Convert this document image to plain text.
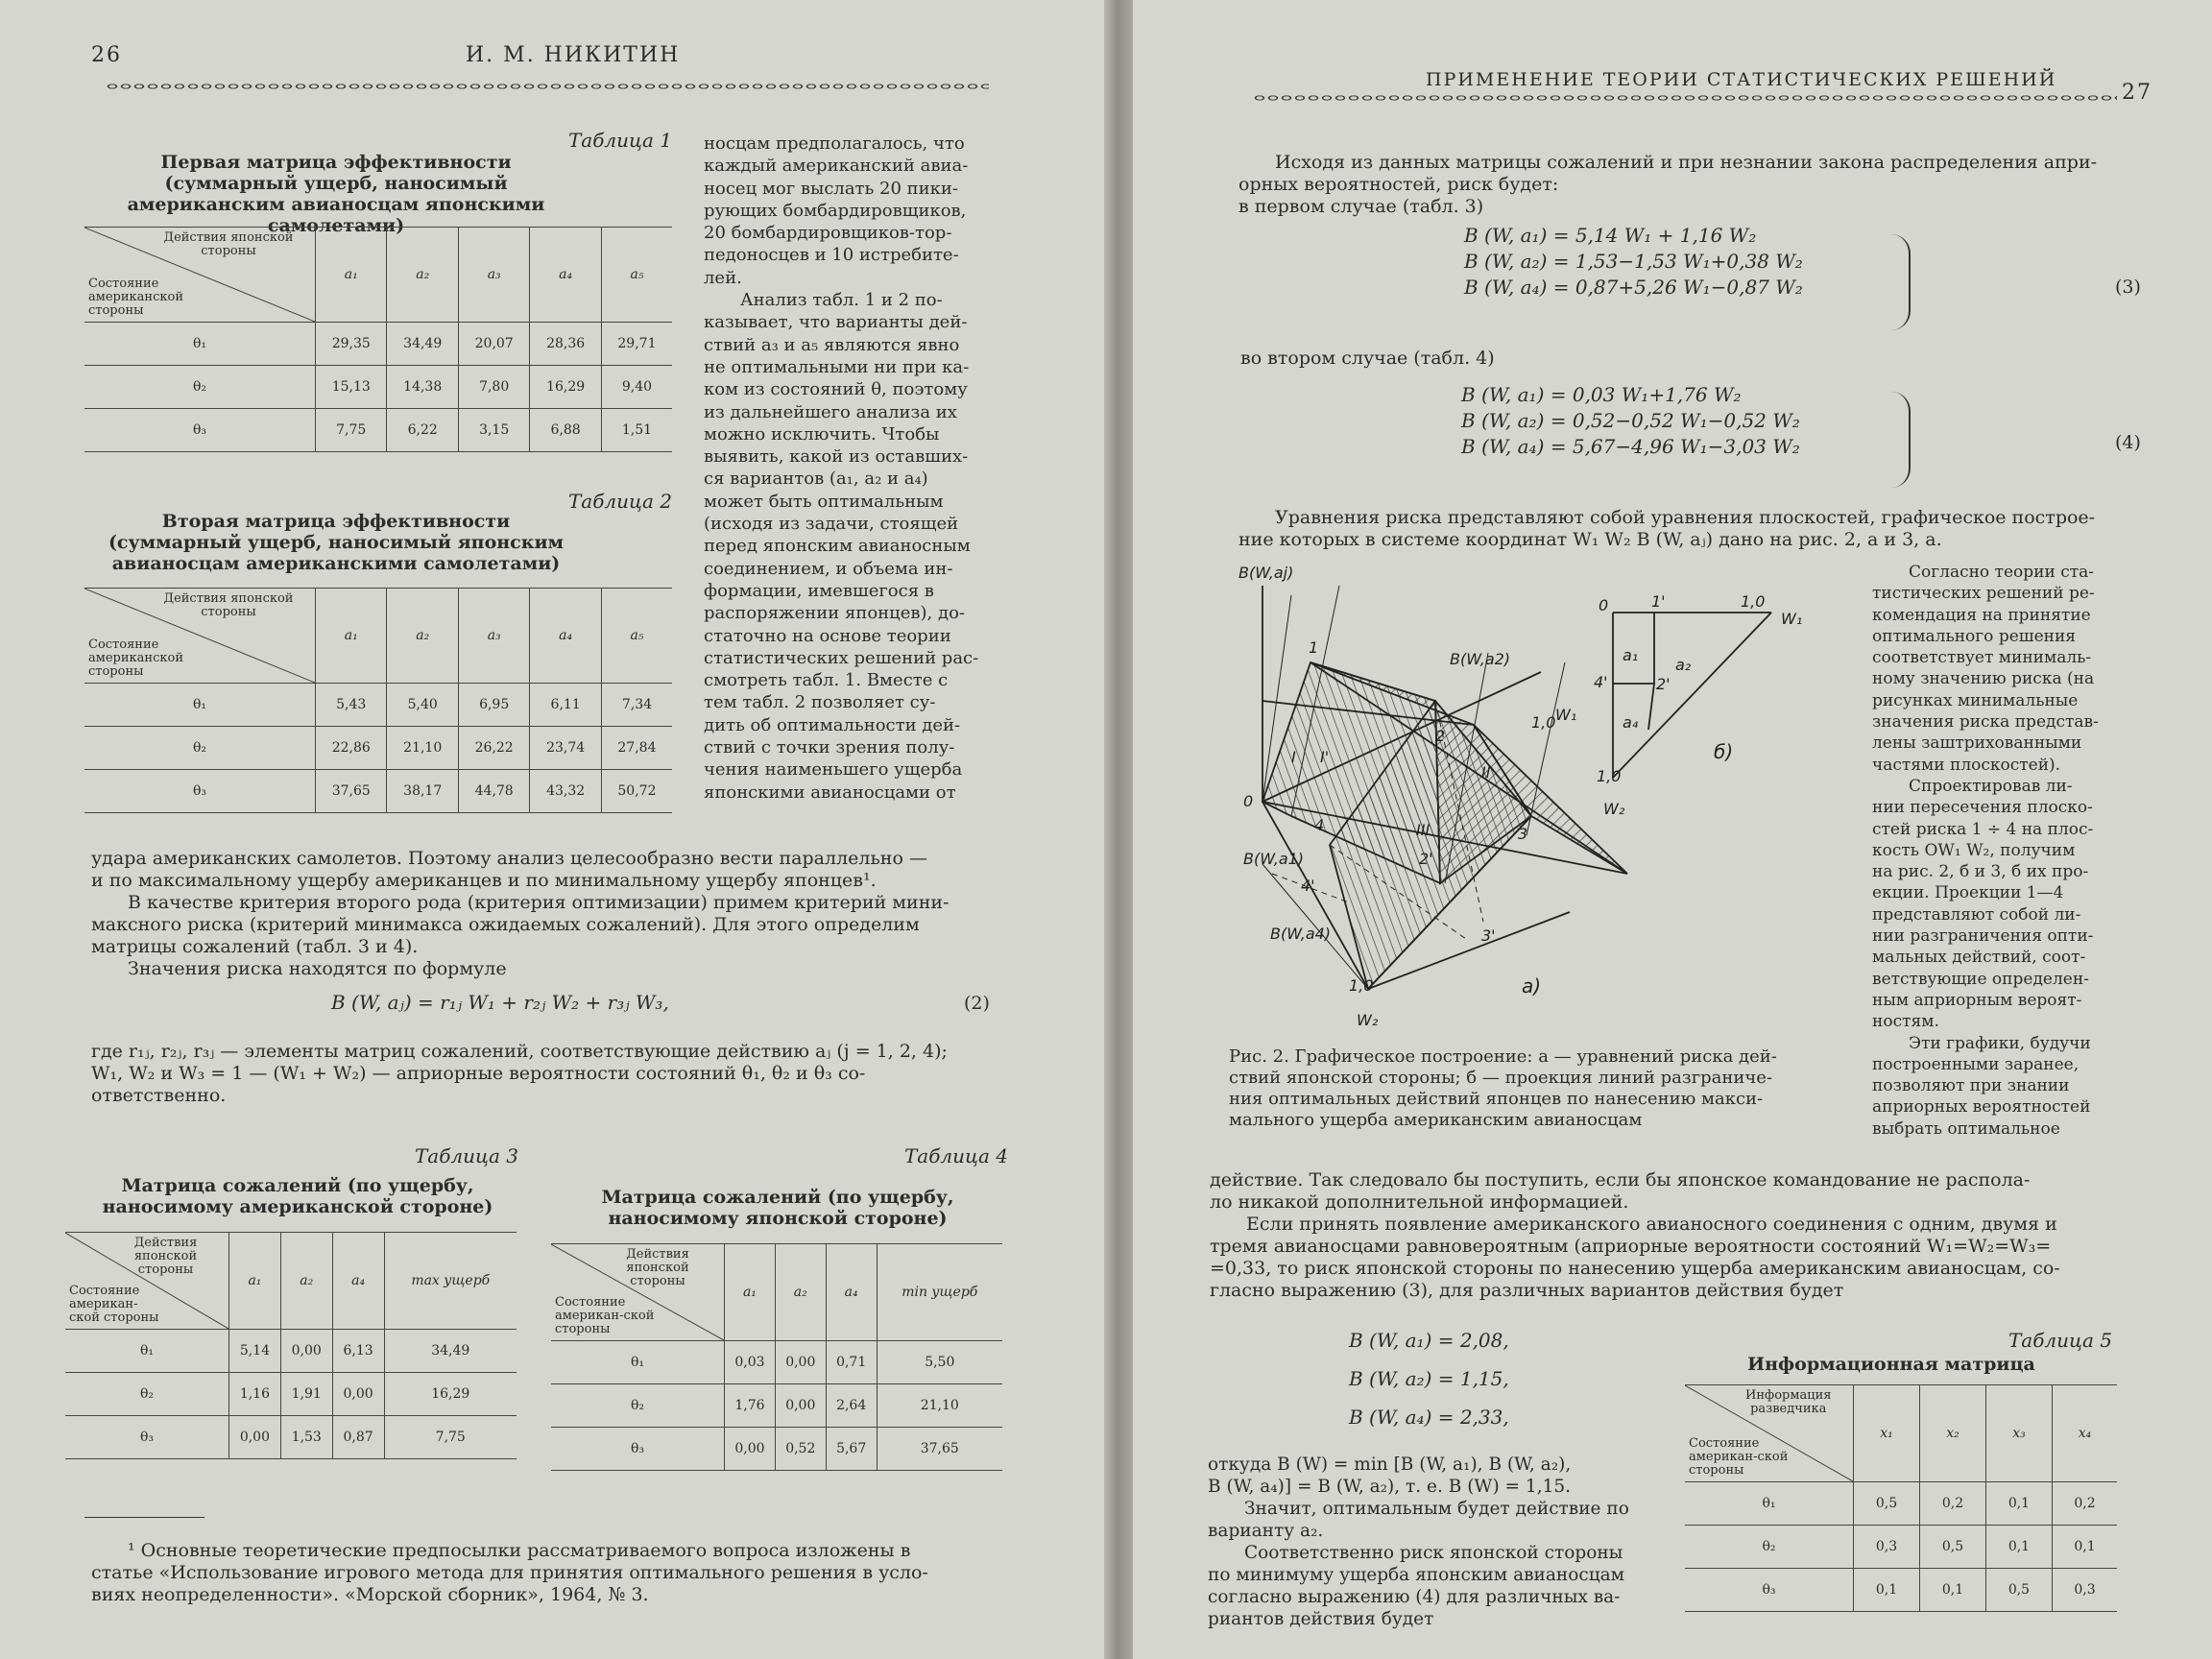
26	И. М. НИКИТИН
Таблица 1
Первая матрица эффективности (суммарный ущерб, наносимый американским авианосцам японскими самолетами)
Действия японской стороны
Состояние американской стороны	a₁	a₂	a₃	a₄	a₅
θ₁	29,35	34,49	20,07	28,36	29,71
θ₂	15,13	14,38	7,80	16,29	9,40
θ₃	7,75	6,22	3,15	6,88	1,51
Таблица 2
Вторая матрица эффективности (суммарный ущерб, наносимый японским авианосцам американскими самолетами)
Действия японской стороны
Состояние американской стороны	a₁	a₂	a₃	a₄	a₅
θ₁	5,43	5,40	6,95	6,11	7,34
θ₂	22,86	21,10	26,22	23,74	27,84
θ₃	37,65	38,17	44,78	43,32	50,72
носцам предполагалось, что
каждый американский авиа-
носец мог выслать 20 пики-
рующих бомбардировщиков,
20 бомбардировщиков-тор-
педоносцев и 10 истребите-
лей.
Анализ табл. 1 и 2 по-
казывает, что варианты дей-
ствий a₃ и a₅ являются явно
не оптимальными ни при ка-
ком из состояний θ, поэтому
из дальнейшего анализа их
можно исключить. Чтобы
выявить, какой из оставших-
ся вариантов (a₁, a₂ и a₄)
может быть оптимальным
(исходя из задачи, стоящей
перед японским авианосным
соединением, и объема ин-
формации, имевшегося в
распоряжении японцев), до-
статочно на основе теории
статистических решений рас-
смотреть табл. 1. Вместе с
тем табл. 2 позволяет су-
дить об оптимальности дей-
ствий с точки зрения полу-
чения наименьшего ущерба
японскими авианосцами от
удара американских самолетов. Поэтому анализ целесообразно вести параллельно —
и по максимальному ущербу американцев и по минимальному ущербу японцев¹.
В качестве критерия второго рода (критерия оптимизации) примем критерий мини-
максного риска (критерий минимакса ожидаемых сожалений). Для этого определим
матрицы сожалений (табл. 3 и 4).
Значения риска находятся по формуле
B (W, aⱼ) = r₁ⱼ W₁ + r₂ⱼ W₂ + r₃ⱼ W₃,	(2)
где r₁ⱼ, r₂ⱼ, r₃ⱼ — элементы матриц сожалений, соответствующие действию aⱼ (j = 1, 2, 4);
W₁, W₂ и W₃ = 1 — (W₁ + W₂) — априорные вероятности состояний θ₁, θ₂ и θ₃ со-
ответственно.
Таблица 3
Матрица сожалений (по ущербу, наносимому американской стороне)
Действия японской стороны
Состояние американ-ской стороны	a₁	a₂	a₄	max ущерб
θ₁	5,14	0,00	6,13	34,49
θ₂	1,16	1,91	0,00	16,29
θ₃	0,00	1,53	0,87	7,75
Таблица 4
Матрица сожалений (по ущербу, наносимому японской стороне)
Действия японской стороны
Состояние американ-ской стороны	a₁	a₂	a₄	min ущерб
θ₁	0,03	0,00	0,71	5,50
θ₂	1,76	0,00	2,64	21,10
θ₃	0,00	0,52	5,67	37,65
¹ Основные теоретические предпосылки рассматриваемого вопроса изложены в
статье «Использование игрового метода для принятия оптимального решения в усло-
виях неопределенности». «Морской сборник», 1964, № 3.
ПРИМЕНЕНИЕ ТЕОРИИ СТАТИСТИЧЕСКИХ РЕШЕНИЙ
27
Исходя из данных матрицы сожалений и при незнании закона распределения апри-
орных вероятностей, риск будет:
в первом случае (табл. 3)
B (W, a₁) = 5,14 W₁ + 1,16 W₂
B (W, a₂) = 1,53−1,53 W₁+0,38 W₂
B (W, a₄) = 0,87+5,26 W₁−0,87 W₂	(3)
во втором случае (табл. 4)
B (W, a₁) = 0,03 W₁+1,76 W₂
B (W, a₂) = 0,52−0,52 W₁−0,52 W₂
B (W, a₄) = 5,67−4,96 W₁−3,03 W₂	(4)
Уравнения риска представляют собой уравнения плоскостей, графическое построе-
ние которых в системе координат W₁ W₂ B (W, aⱼ) дано на рис. 2, а и 3, а.
B(W,aj)
0
B(W,a1)
B(W,a2)
B(W,a4)
W₁
W₂
1,0
1,0
1
2
3
4
2'
3'
4'
I I'
II
III
а)
0	1'	1,0
W₁
4'	2'
a₁
a₂
a₄
1,0
W₂
б)
Согласно теории ста-
тистических решений ре-
комендация на принятие
оптимального решения
соответствует минималь-
ному значению риска (на
рисунках минимальные
значения риска представ-
лены заштрихованными
частями плоскостей).
Спроектировав ли-
нии пересечения плоско-
стей риска 1 ÷ 4 на плос-
кость OW₁ W₂, получим
на рис. 2, б и 3, б их про-
екции. Проекции 1—4
представляют собой ли-
нии разграничения опти-
мальных действий, соот-
ветствующие определен-
ным априорным вероят-
ностям.
Эти графики, будучи
построенными заранее,
позволяют при знании
априорных вероятностей
выбрать оптимальное
Рис. 2. Графическое построение: а — уравнений риска дей-
ствий японской стороны; б — проекция линий разграниче-
ния оптимальных действий японцев по нанесению макси-
мального ущерба американским авианосцам
действие. Так следовало бы поступить, если бы японское командование не распола-
ло никакой дополнительной информацией.
Если принять появление американского авианосного соединения с одним, двумя и
тремя авианосцами равновероятным (априорные вероятности состояний W₁=W₂=W₃=
=0,33, то риск японской стороны по нанесению ущерба американским авианосцам, со-
гласно выражению (3), для различных вариантов действия будет
B (W, a₁) = 2,08,
B (W, a₂) = 1,15,
B (W, a₄) = 2,33,
откуда B (W) = min [B (W, a₁), B (W, a₂),
B (W, a₄)] = B (W, a₂), т. е. B (W) = 1,15.
Значит, оптимальным будет действие по
варианту a₂.
Соответственно риск японской стороны
по минимуму ущерба японским авианосцам
согласно выражению (4) для различных ва-
риантов действия будет
Таблица 5
Информационная матрица
Информация разведчика
Состояние американ-ской стороны	x₁	x₂	x₃	x₄
θ₁	0,5	0,2	0,1	0,2
θ₂	0,3	0,5	0,1	0,1
θ₃	0,1	0,1	0,5	0,3
